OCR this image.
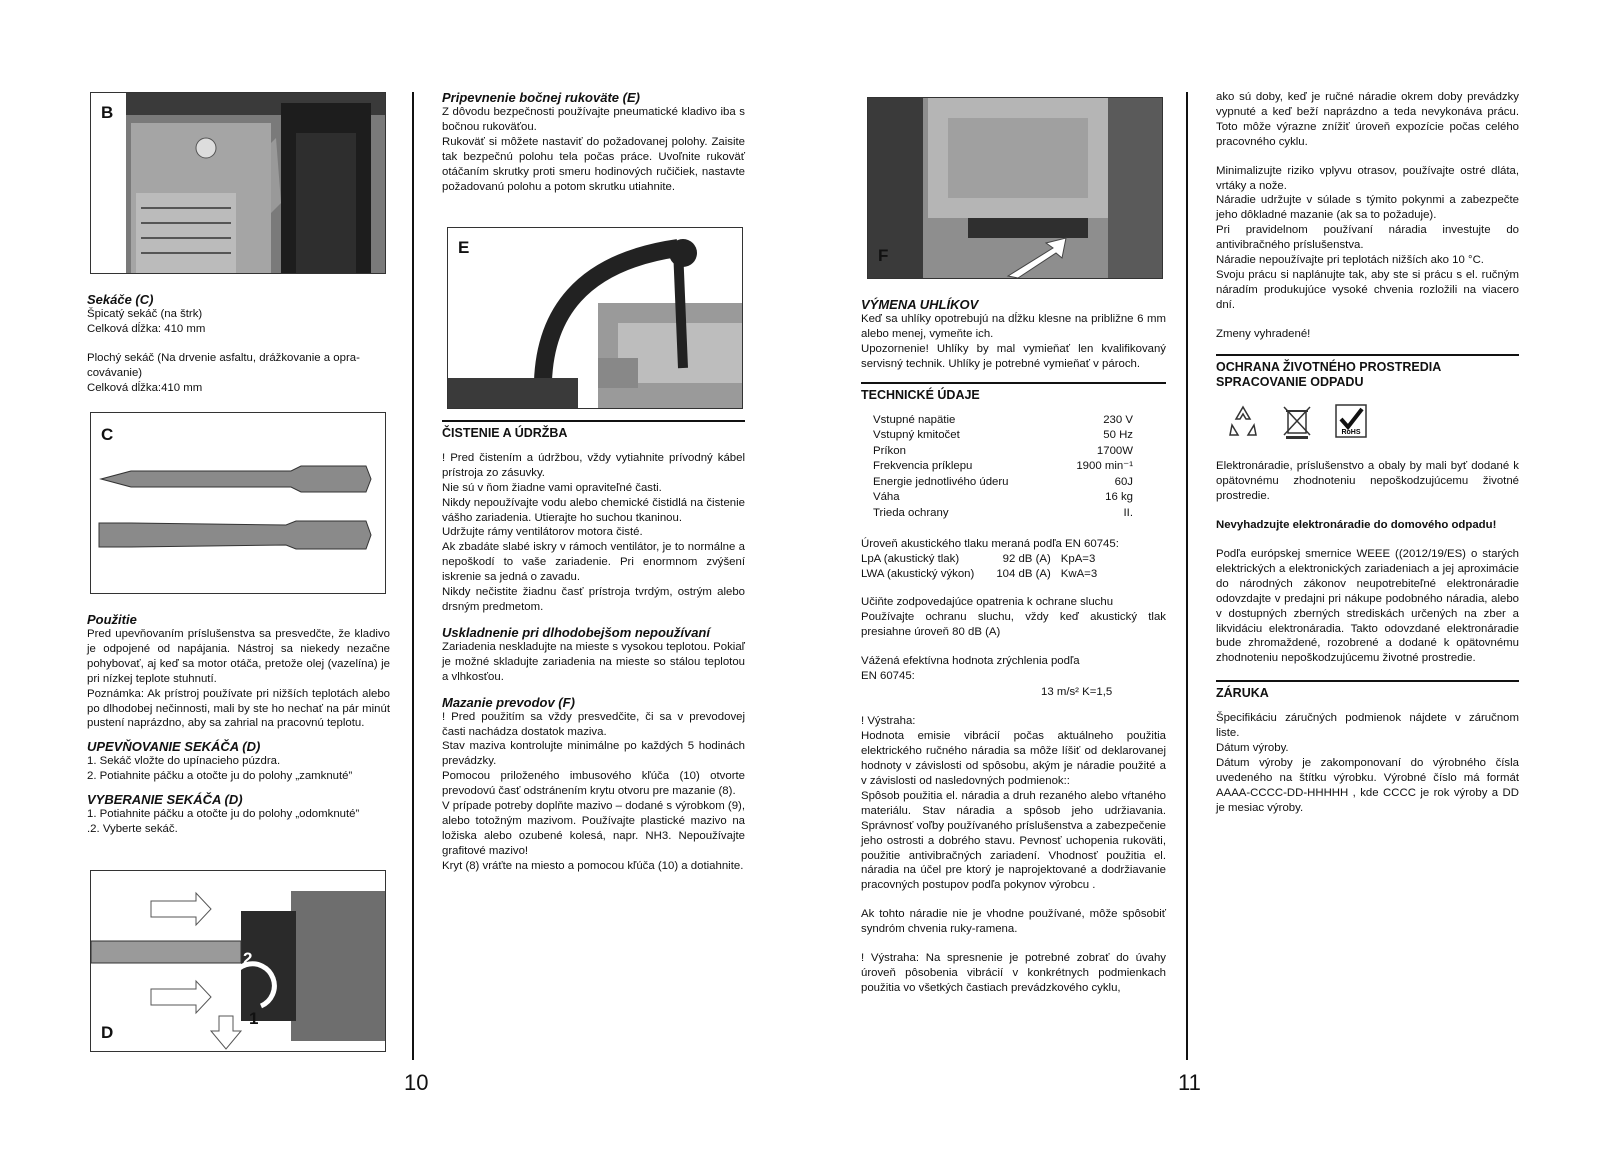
10	11
B
C
D
2
1
E	F

Sekáče (C)

Špicatý sekáč (na štrk)
Celková dĺžka: 410 mm

Plochý sekáč (Na drvenie asfaltu, drážkovanie a opra-
covávanie)
Celková dĺžka:410 mm

Použitie

Pred upevňovaním príslušenstva sa presvedčte, že kladivo je odpojené od napájania. Nástroj sa niekedy nezačne pohybovať, aj keď sa motor otáča, pretože olej (vazelína) je pri nízkej teplote stuhnutí.
Poznámka: Ak prístroj používate pri nižších teplotách alebo po dlhodobej nečinnosti, mali by ste ho nechať na pár minút pustení naprázdno, aby sa zahrial na pracovnú teplotu.

UPEVŇOVANIE SEKÁČA (D)

1. Sekáč vložte do upínacieho púzdra.
2. Potiahnite páčku a otočte ju do polohy „zamknuté”

VYBERANIE SEKÁČA (D)

1. Potiahnite páčku a otočte ju do polohy „odomknuté”
.2. Vyberte sekáč.

Pripevnenie bočnej rukoväte (E)

Z dôvodu bezpečnosti používajte pneumatické kladivo iba s bočnou rukoväťou.
Rukoväť si môžete nastaviť do požadovanej polohy. Zaisite tak bezpečnú polohu tela počas práce. Uvoľnite rukoväť otáčaním skrutky proti smeru hodinových ručičiek, nastavte požadovanú polohu a potom skrutku utiahnite.

ČISTENIE A ÚDRŽBA

! Pred čistením a údržbou, vždy vytiahnite prívodný kábel prístroja zo zásuvky.
Nie sú v ňom žiadne vami opraviteľné časti.
Nikdy nepoužívajte vodu alebo chemické čistidlá na čistenie vášho zariadenia. Utierajte ho suchou tkaninou.
Udržujte rámy ventilátorov motora čisté.
Ak zbadáte slabé iskry v rámoch ventilátor, je to normálne a nepoškodí to vaše zariadenie. Pri enormnom zvýšení iskrenie sa jedná o zavadu.
Nikdy nečistite žiadnu časť prístroja tvrdým, ostrým alebo drsným predmetom.

Uskladnenie pri dlhodobejšom nepoužívaní

Zariadenia neskladujte na mieste s vysokou teplotou. Pokiaľ je možné skladujte zariadenia na mieste so stálou teplotou a vlhkosťou.

Mazanie prevodov (F)

! Pred použitím sa vždy presvedčite, či sa v prevodovej časti nachádza dostatok maziva.
Stav maziva kontrolujte minimálne po každých 5 hodinách prevádzky.
Pomocou priloženého imbusového kľúča (10) otvorte prevodovú časť odstránením krytu otvoru pre mazanie (8).
V prípade potreby doplňte mazivo – dodané s výrobkom (9), alebo totožným mazivom. Používajte plastické mazivo na ložiska alebo ozubené kolesá, napr. NH3. Nepoužívajte grafitové mazivo!
Kryt (8) vráťte na miesto a pomocou kľúča (10) a dotiahnite.

VÝMENA UHLÍKOV

Keď sa uhlíky opotrebujú na dĺžku klesne na približne 6 mm alebo menej, vymeňte ich.
Upozornenie! Uhlíky by mal vymieňať len kvalifikovaný servisný technik. Uhlíky je potrebné vymieňať v pároch.

TECHNICKÉ ÚDAJE

Vstupné napätie	230 V
Vstupný kmitočet	50 Hz
Príkon	1700W
Frekvencia príklepu	1900 min⁻¹
Energie jednotlivého úderu	60J
Váha	16 kg
Trieda ochrany	II.

Úroveň akustického tlaku meraná podľa EN 60745:

LpA (akustický tlak)	92 dB (A)	KpA=3
LWA (akustický výkon)	104 dB (A)	KwA=3

Učiňte zodpovedajúce opatrenia k ochrane sluchu
Používajte ochranu sluchu, vždy keď akustický tlak presiahne úroveň 80 dB (A)

Vážená efektívna hodnota zrýchlenia podľa
EN 60745:

13 m/s² K=1,5

! Výstraha:
Hodnota emisie vibrácií počas aktuálneho použitia elektrického ručného náradia sa môže líšiť od deklarovanej hodnoty v závislosti od spôsobu, akým je náradie použité a v závislosti od nasledovných podmienok::
Spôsob použitia el. náradia a druh rezaného alebo vŕtaného materiálu. Stav náradia a spôsob jeho udržiavania. Správnosť voľby používaného príslušenstva a zabezpečenie jeho ostrosti a dobrého stavu. Pevnosť uchopenia rukoväti, použitie antivibračných zariadení. Vhodnosť použitia el. náradia na účel pre ktorý je naprojektované a dodržiavanie pracovných postupov podľa pokynov výrobcu .

Ak tohto náradie nie je vhodne používané, môže spôsobiť syndróm chvenia ruky-ramena.

! Výstraha: Na spresnenie je potrebné zobrať do úvahy úroveň pôsobenia vibrácií v konkrétnych podmienkach použitia vo všetkých častiach prevádzkového cyklu,

ako sú doby, keď je ručné náradie okrem doby prevádzky vypnuté a keď beží naprázdno a teda nevykonáva prácu. Toto môže výrazne znížiť úroveň expozície počas celého pracovného cyklu.

Minimalizujte riziko vplyvu otrasov, používajte ostré dláta, vrtáky a nože.
Náradie udržujte v súlade s týmito pokynmi a zabezpečte jeho dôkladné mazanie (ak sa to požaduje).
Pri pravidelnom používaní náradia investujte do antivibračného príslušenstva.
Náradie nepoužívajte pri teplotách nižších ako 10 °C.
Svoju prácu si naplánujte tak, aby ste si prácu s el. ručným náradím produkujúce vysoké chvenia rozložili na viacero dní.

Zmeny vyhradené!

OCHRANA ŽIVOTNÉHO PROSTREDIA
SPRACOVANIE ODPADU

RoHS

Elektronáradie, príslušenstvo a obaly by mali byť dodané k opätovnému zhodnoteniu nepoškodzujúcemu životné prostredie.

Nevyhadzujte elektronáradie do domového odpadu!

Podľa európskej smernice WEEE ((2012/19/ES) o starých elektrických a elektronických zariadeniach a jej aproximácie do národných zákonov neupotrebiteľné elektronáradie odovzdajte v predajni pri nákupe podobného náradia, alebo v dostupných zberných strediskách určených na zber a likvidáciu elektronáradia. Takto odovzdané elektronáradie bude zhromaždené, rozobrené a dodané k opätovnému zhodnoteniu nepoškodzujúcemu životné prostredie.

ZÁRUKA

Špecifikáciu záručných podmienok nájdete v záručnom liste.
Dátum výroby.
Dátum výroby je zakomponovaní do výrobného čísla uvedeného na štítku výrobku. Výrobné číslo má formát AAAA-CCCC-DD-HHHHH , kde CCCC je rok výroby a DD je mesiac výroby.
